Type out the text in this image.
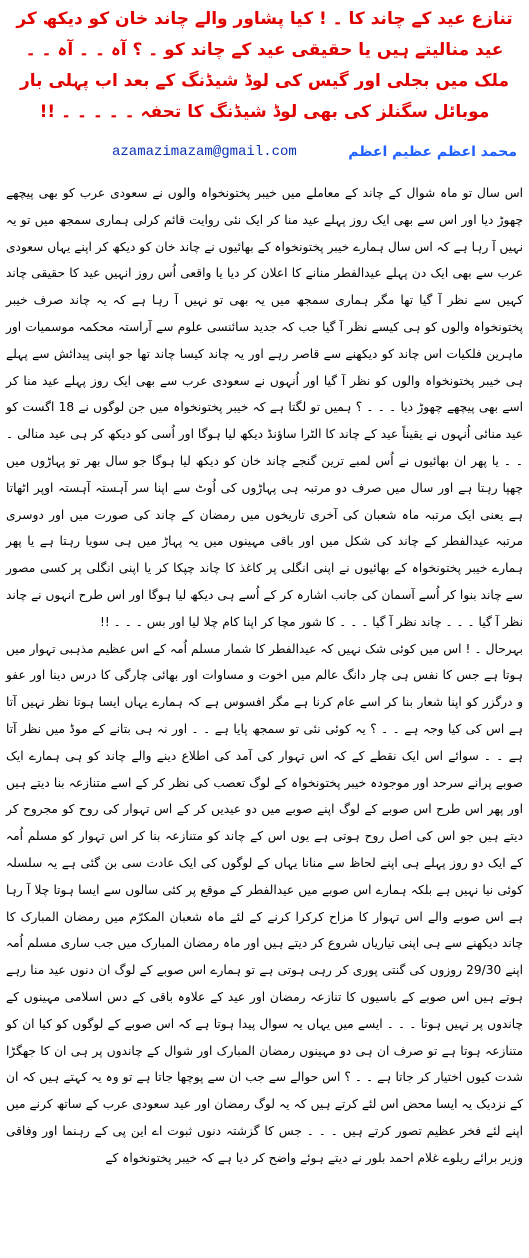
تنازع عید کے چاند کا ۔ ! کیا پشاور والے چاند خان کو دیکھ کر عید منالیتے ہیں یا حقیقی عید کے چاند کو ۔ ؟ آہ ۔ ۔ آہ ۔ ۔ ملک میں بجلی اور گیس کی لوڈ شیڈنگ کے بعد اب پہلی بار موبائل سگنلز کی بھی لوڈ شیڈنگ کا تحفہ ۔ ۔ ۔ ۔ ۔ !!
azamazimazam@gmail.com	محمد اعظم عظیم اعظم

اس سال تو ماہ شوال کے چاند کے معاملے میں خیبر پختونخواہ والوں نے سعودی عرب کو بھی پیچھے چھوڑ دیا اور اس سے بھی ایک روز پہلے عید منا کر ایک نئی روایت قائم کرلی ہماری سمجھ میں تو یہ نہیں آ رہا ہے کہ اس سال ہمارے خیبر پختونخواہ کے بھائیوں نے چاند خان کو دیکھ کر اپنے یہاں سعودی عرب سے بھی ایک دن پہلے عیدالفطر منانے کا اعلان کر دیا یا واقعی اُس روز انہیں عید کا حقیقی چاند کہیں سے نظر آ گیا تھا مگر ہماری سمجھ میں یہ بھی تو نہیں آ رہا ہے کہ یہ چاند صرف خیبر پختونخواہ والوں کو ہی کیسے نظر آ گیا جب کہ جدید سائنسی علوم سے آراستہ محکمہ موسمیات اور ماہرین فلکیات اس چاند کو دیکھنے سے قاصر رہے اور یہ چاند کیسا چاند تھا جو اپنی پیدائش سے پہلے ہی خیبر پختونخواہ والوں کو نظر آ گیا اور اُنہوں نے سعودی عرب سے بھی ایک روز پہلے عید منا کر اسے بھی پیچھے چھوڑ دیا ۔ ۔ ۔ ؟ ہمیں تو لگتا ہے کہ خیبر پختونخواہ میں جن لوگوں نے 18 اگست کو عید منائی اُنہوں نے یقیناً عید کے چاند کا الٹرا ساؤنڈ دیکھ لیا ہوگا اور اُسی کو دیکھ کر ہی عید منالی ۔ ۔ ۔ یا پھر ان بھائیوں نے اُس لمبے ترین گنجے چاند خان کو دیکھ لیا ہوگا جو سال بھر تو پہاڑوں میں چھپا رہتا ہے اور سال میں صرف دو مرتبہ ہی پہاڑوں کی اُوٹ سے اپنا سر آہستہ آہستہ اوپر اٹھاتا ہے یعنی ایک مرتبہ ماہ شعبان کی آخری تاریخوں میں رمضان کے چاند کی صورت میں اور دوسری مرتبہ عیدالفطر کے چاند کی شکل میں اور باقی مہینوں میں یہ پہاڑ میں ہی سویا رہتا ہے یا پھر ہمارے خیبر پختونخواہ کے بھائیوں نے اپنی انگلی پر کاغذ کا چاند چپکا کر یا اپنی انگلی پر کسی مصور سے چاند بنوا کر اُسے آسمان کی جانب اشارہ کر کے اُسے ہی دیکھ لیا ہوگا اور اس طرح انہوں نے چاند نظر آ گیا ۔ ۔ ۔ چاند نظر آ گیا ۔ ۔ ۔ کا شور مچا کر اپنا کام چلا لیا اور بس ۔ ۔ ۔ !!

بہرحال ۔ ! اس میں کوئی شک نہیں کہ عیدالفطر کا شمار مسلم اُمہ کے اس عظیم مذہبی تہوار میں ہوتا ہے جس کا نفس ہی چار دانگ عالم میں اخوت و مساوات اور بھائی چارگی کا درس دینا اور عفو و درگزر کو اپنا شعار بنا کر اسے عام کرنا ہے مگر افسوس ہے کہ ہمارے یہاں ایسا ہوتا نظر نہیں آتا ہے اس کی کیا وجہ ہے ۔ ۔ ؟ یہ کوئی نئی تو سمجھ پایا ہے ۔ ۔ اور نہ ہی بتانے کے موڈ میں نظر آتا ہے ۔ ۔ سوائے اس ایک نقطے کے کہ اس تہوار کی آمد کی اطلاع دینے والے چاند کو ہی ہمارے ایک صوبے پرانے سرحد اور موجودہ خیبر پختونخواہ کے لوگ تعصب کی نظر کر کے اسے متنازعہ بنا دیتے ہیں اور پھر اس طرح اس صوبے کے لوگ اپنے صوبے میں دو عیدیں کر کے اس تہوار کی روح کو مجروح کر دیتے ہیں جو اس کی اصل روح ہوتی ہے یوں اس کے چاند کو متنازعہ بنا کر اس تہوار کو مسلم اُمہ کے ایک دو روز پہلے ہی اپنے لحاظ سے منانا یہاں کے لوگوں کی ایک عادت سی بن گئی ہے یہ سلسلہ کوئی نیا نہیں ہے بلکہ ہمارے اس صوبے میں عیدالفطر کے موقع پر کئی سالوں سے ایسا ہوتا چلا آ رہا ہے اس صوبے والے اس تہوار کا مزاح کرکرا کرنے کے لئے ماہ شعبان المکرّم میں رمضان المبارک کا چاند دیکھنے سے ہی اپنی تیاریاں شروع کر دیتے ہیں اور ماہ رمضان المبارک میں جب ساری مسلم اُمہ اپنے 29/30 روزوں کی گنتی پوری کر رہی ہوتی ہے تو ہمارے اس صوبے کے لوگ ان دنوں عید منا رہے ہوتے ہیں اس صوبے کے باسیوں کا تنازعہ رمضان اور عید کے علاوہ باقی کے دس اسلامی مہینوں کے چاندوں پر نہیں ہوتا ۔ ۔ ۔ ایسے میں یہاں یہ سوال پیدا ہوتا ہے کہ اس صوبے کے لوگوں کو کیا ان کو متنازعہ ہوتا ہے تو صرف ان ہی دو مہینوں رمضان المبارک اور شوال کے چاندوں پر ہی ان کا جھگڑا شدت کیوں اختیار کر جاتا ہے ۔ ۔ ؟ اس حوالے سے جب ان سے پوچھا جاتا ہے تو وہ یہ کہتے ہیں کہ ان کے نزدیک یہ ایسا محض اس لئے کرتے ہیں کہ یہ لوگ رمضان اور عید سعودی عرب کے ساتھ کرنے میں اپنے لئے فخر عظیم تصور کرتے ہیں ۔ ۔ ۔ جس کا گزشتہ دنوں ثبوت اے این پی کے رہنما اور وفاقی وزیر برائے ریلوے غلام احمد بلور نے دیتے ہوئے واضح کر دیا ہے کہ خیبر پختونخواہ کے
